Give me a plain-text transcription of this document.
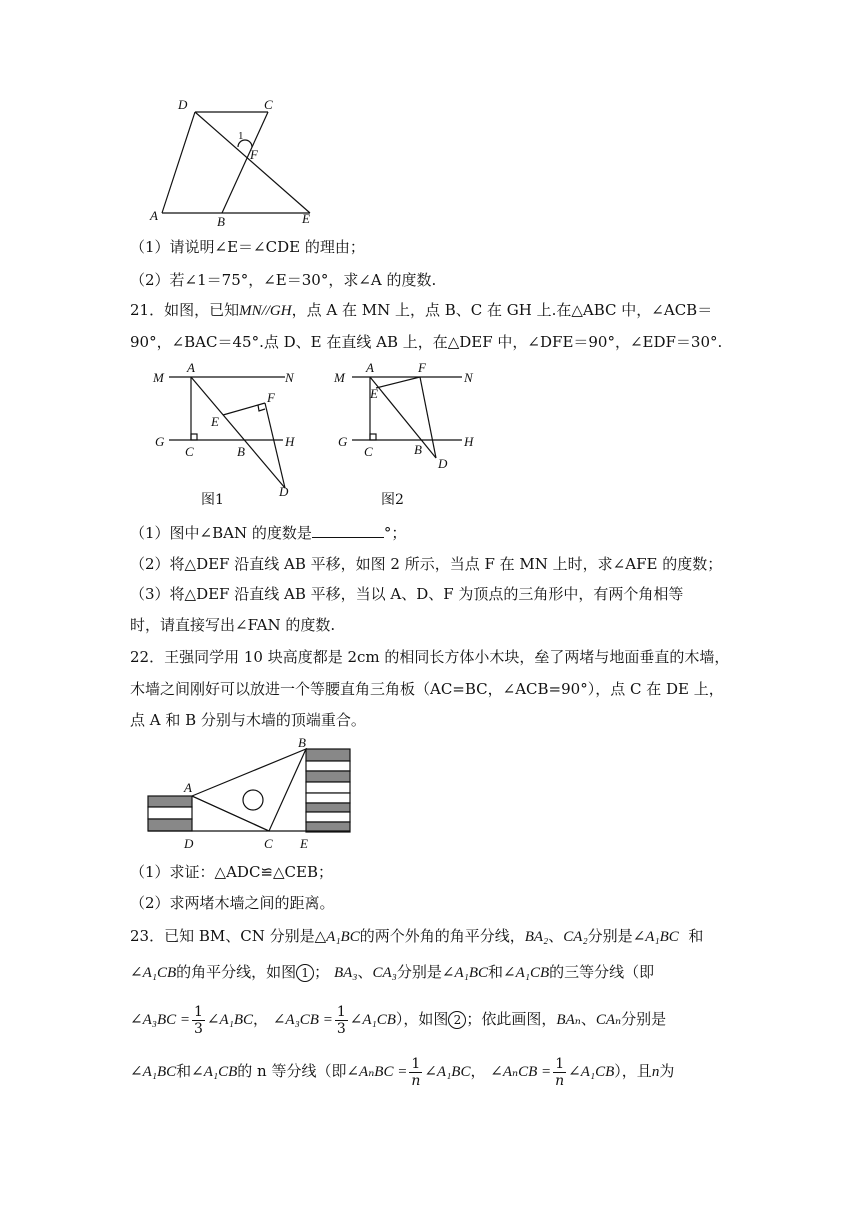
D	C
1
F
A	B	E
（1）请说明∠E＝∠CDE 的理由；
（2）若∠1＝75°，∠E＝30°，求∠A 的度数.
21．如图，已知MN//GH，点 A 在 MN 上，点 B、C 在 GH 上.在△ABC 中，∠ACB＝
90°，∠BAC＝45°.点 D、E 在直线 AB 上，在△DEF 中，∠DFE＝90°，∠EDF＝30°.
M
A
N
F
E
G	H
C	B
D
图1
M
A	F
N
E
G	H
C	B
D
图2
（1）图中∠BAN 的度数是	°；
（2）将△DEF 沿直线 AB 平移，如图 2 所示，当点 F 在 MN 上时，求∠AFE 的度数；
（3）将△DEF 沿直线 AB 平移，当以 A、D、F 为顶点的三角形中，有两个角相等
时，请直接写出∠FAN 的度数.
22．王强同学用 10 块高度都是 2cm 的相同长方体小木块，垒了两堵与地面垂直的木墙，
木墙之间刚好可以放进一个等腰直角三角板（AC=BC，∠ACB=90°），点 C 在 DE 上，
点 A 和 B 分别与木墙的顶端重合。
A
B
D	C E
（1）求证：△ADC≌△CEB；
（2）求两堵木墙之间的距离。
23．已知 BM、CN 分别是△A₁BC的两个外角的角平分线，BA₂、CA₂分别是∠A₁BC 和
∠A₁CB的角平分线，如图 1 ； BA₃、CA₃分别是∠A₁BC和∠A₁CB的三等分线（即
∠A₃BC = $\frac{1}{3}$ ∠A₁BC， ∠A₃CB = $\frac{1}{3}$ ∠A₁CB），如图 2 ；依此画图，BAₙ、CAₙ分别是
∠A₁BC和∠A₁CB的 n 等分线（即∠AₙBC = $\frac{1}{n}$ ∠A₁BC， ∠AₙCB = $\frac{1}{n}$ ∠A₁CB），且n为
